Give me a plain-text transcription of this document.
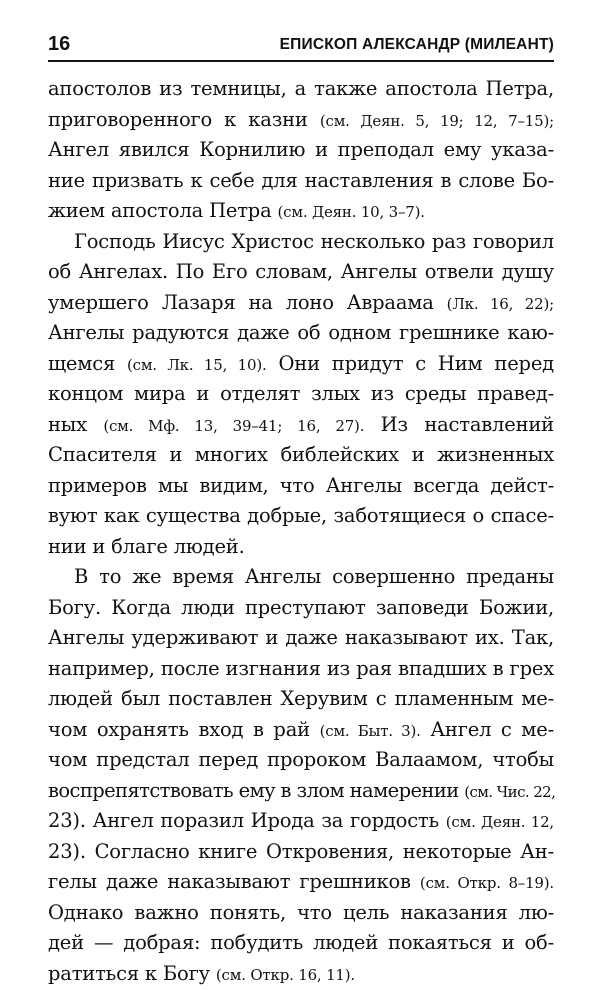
16	ЕПИСКОП АЛЕКСАНДР (МИЛЕАНТ)
апостолов из темницы, а также апостола Петра,
приговоренного к казни (см. Деян. 5, 19; 12, 7–15);
Ангел явился Корнилию и преподал ему указа-
ние призвать к себе для наставления в слове Бо-
жием апостола Петра (см. Деян. 10, 3–7).
Господь Иисус Христос несколько раз говорил
об Ангелах. По Его словам, Ангелы отвели душу
умершего Лазаря на лоно Авраама (Лк. 16, 22);
Ангелы радуются даже об одном грешнике каю-
щемся (см. Лк. 15, 10). Они придут с Ним перед
концом мира и отделят злых из среды правед-
ных (см. Мф. 13, 39–41; 16, 27). Из наставлений
Спасителя и многих библейских и жизненных
примеров мы видим, что Ангелы всегда дейст-
вуют как существа добрые, заботящиеся о спасе-
нии и благе людей.
В то же время Ангелы совершенно преданы
Богу. Когда люди преступают заповеди Божии,
Ангелы удерживают и даже наказывают их. Так,
например, после изгнания из рая впадших в грех
людей был поставлен Херувим с пламенным ме-
чом охранять вход в рай (см. Быт. 3). Ангел с ме-
чом предстал перед пророком Валаамом, чтобы
воспрепятствовать ему в злом намерении (см. Чис. 22,
23). Ангел поразил Ирода за гордость (см. Деян. 12,
23). Согласно книге Откровения, некоторые Ан-
гелы даже наказывают грешников (см. Откр. 8–19).
Однако важно понять, что цель наказания лю-
дей — добрая: побудить людей покаяться и об-
ратиться к Богу (см. Откр. 16, 11).
